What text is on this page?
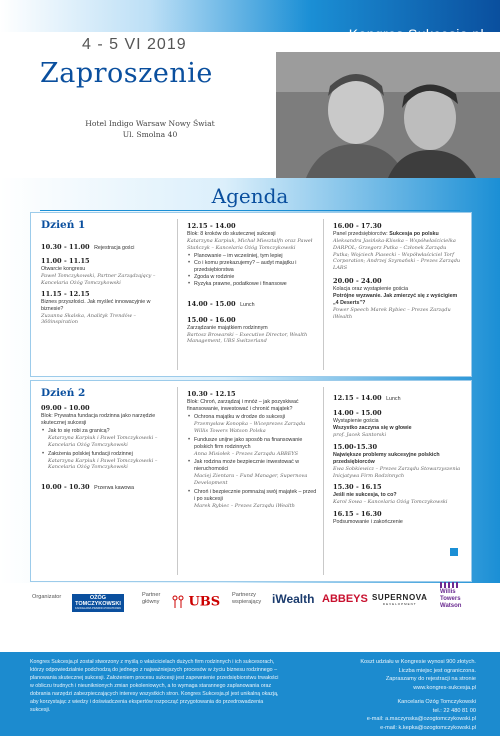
Kongres Sukcesja.pl
4 - 5 VI 2019
Zaproszenie
Hotel Indigo Warsaw Nowy Świat
Ul. Smolna 40
Agenda
Dzień 1
10.30 - 11.00 Rejestracja gości
11.00 - 11.15
Otwarcie kongresu
Paweł Tomczykowski, Partner Zarządzający – Kancelaria Ożóg Tomczykowski
11.15 - 12.15
Biznes przyszłości. Jak myśleć innowacyjnie w biznesie?
Zuzanna Skalska, Analityk Trendów – 360inspiration
12.15 - 14.00
Blok: 8 kroków do skutecznej sukcesji
Katarzyna Karpiuk, Michał Miesztalfn oraz Paweł Stańczyk – Kancelaria Ożóg Tomczykowski
• Planowanie – im wcześniej, tym lepiej
• Co i komu przekazujemy? – audyt majątku i przedsiębiorstwa
• Zgoda w rodzinie
• Ryzyka prawne, podatkowe i finansowe
14.00 - 15.00 Lunch
15.00 - 16.00
Zarządzanie majątkiem rodzinnym
Bartosz Browarski – Executive Director, Wealth Management, UBS Switzerland
16.00 - 17.30
Panel przedsiębiorców: Sukcesja po polsku
Aleksandra Jasińska-Klisska – Współwłaścicielka DARPOL; Grzegorz Putka – Członek Zarządu Putka; Wojciech Piasecki – Współwłaściciel Torf Corporation; Andrzej Szymański – Prezes Zarządu LARS
20.00 - 24.00
Kolacja oraz wystąpienie gościa
Potrójne wyzwanie. Jak zmierzyć się z wyścigiem „4 Deserts”?
Power Speech Marek Rybiec – Prezes Zarządu iWealth
Dzień 2
09.00 - 10.00
Blok: Prywatna fundacja rodzinna jako narzędzie skutecznej sukcesji
• Jak to się robi za granicą?
Katarzyna Karpiuk i Paweł Tomczykowski – Kancelaria Ożóg Tomczykowski
• Założenia polskiej fundacji rodzinnej
Katarzyna Karpiuk i Paweł Tomczykowski – Kancelaria Ożóg Tomczykowski
10.00 - 10.30 Przerwa kawowa
10.30 - 12.15
Blok: Chroń, zarządzaj i mnóż – jak pozyskiwać finansowanie, inwestować i chronić majątek?
• Ochrona majątku w drodze do sukcesji
Przemysław Konopka – Wiceprezes Zarządu Willis Towers Watson Polska
• Fundusze unijne jako sposób na finansowanie polskich firm rodzinnych
Anna Misiołek – Prezes Zarządu ABBEYS
• Jak rodzina może bezpiecznie inwestować w nieruchomości
Maciej Zientara – Fund Manager, Supernova Development
• Chroń i bezpiecznie pomnażaj swój majątek – przed i po sukcesji
Marek Rybiec – Prezes Zarządu iWealth
12.15 - 14.00 Lunch
14.00 - 15.00
Wystąpienie gościa
Wszystko zaczyna się w głowie
prof. Jacek Santorski
15.00-15.30
Największe problemy sukcesyjne polskich przedsiębiorców
Ewa Sobkiewicz – Prezes Zarządu Stowarzyszenia Inicjatywa Firm Rodzinnych
15.30 - 16.15
Jeśli nie sukcesja, to co?
Karol Sowa – Kancelaria Ożóg Tomczykowski
16.15 - 16.30
Podsumowanie i zakończenie
Organizator	OŻÓG
TOMCZYKOWSKI
KANCELARIA PRAWNO-PODATKOWA
Partner
główny	UBS Partnerzy
wspierający iWealth ABBEYS SUPERNOVA
DEVELOPMENT
Willis
Towers
Watson
Kongres Sukcesja.pl został stworzony z myślą o właścicielach dużych firm rodzinnych i ich sukcesorach, którzy odpowiedzialnie podchodzą do jednego z najważniejszych procesów w życiu biznesu rodzinnego – planowania skutecznej sukcesji. Założeniem procesu sukcesji jest zapewnienie przedsiębiorstwu trwałości w obliczu trudnych i nieuniknionych zmian pokoleniowych, a to wymaga starannego zaplanowania oraz dobrania narzędzi zabezpieczających interesy wszystkich stron. Kongres Sukcesja.pl jest unikalną okazją, aby korzystając z wiedzy i doświadczenia ekspertów rozpocząć przygotowania do przedrowadzenia sukcesji.
Koszt udziału w Kongresie wynosi 900 złotych.
Liczba miejsc jest ograniczona.
Zapraszamy do rejestracji na stronie
www.kongres-sukcesja.pl
Kancelaria Ożóg Tomczykowski
tel.: 22 480 81 00
e-mail: a.maczynska@ozogtomczykowski.pl
e-mail: k.kepka@ozogtomczykowski.pl
